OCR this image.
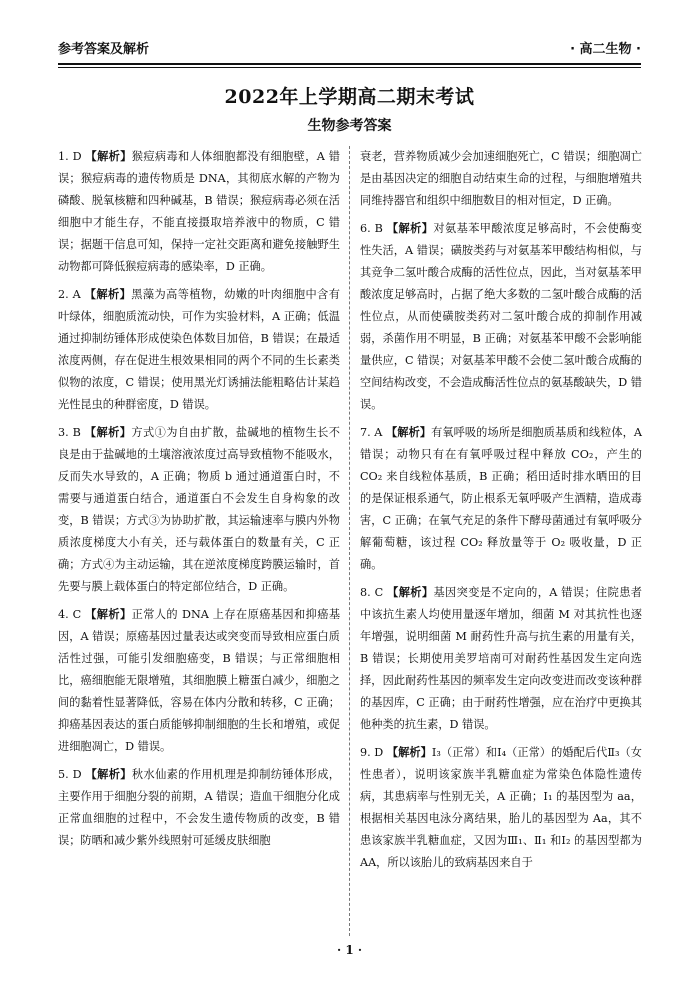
参考答案及解析	· 高二生物 ·
2022年上学期高二期末考试
生物参考答案
1. D 【解析】猴痘病毒和人体细胞都没有细胞壁，A 错误；猴痘病毒的遗传物质是 DNA，其彻底水解的产物为磷酸、脱氧核糖和四种碱基，B 错误；猴痘病毒必须在活细胞中才能生存，不能直接摄取培养液中的物质，C 错误；据题干信息可知，保持一定社交距离和避免接触野生动物都可降低猴痘病毒的感染率，D 正确。
2. A 【解析】黑藻为高等植物，幼嫩的叶肉细胞中含有叶绿体，细胞质流动快，可作为实验材料，A 正确；低温通过抑制纺锤体形成使染色体数目加倍，B 错误；在最适浓度两侧，存在促进生根效果相同的两个不同的生长素类似物的浓度，C 错误；使用黑光灯诱捕法能粗略估计某趋光性昆虫的种群密度，D 错误。
3. B 【解析】方式①为自由扩散，盐碱地的植物生长不良是由于盐碱地的土壤溶液浓度过高导致植物不能吸水，反而失水导致的，A 正确；物质 b 通过通道蛋白时，不需要与通道蛋白结合，通道蛋白不会发生自身构象的改变，B 错误；方式③为协助扩散，其运输速率与膜内外物质浓度梯度大小有关，还与载体蛋白的数量有关，C 正确；方式④为主动运输，其在逆浓度梯度跨膜运输时，首先要与膜上载体蛋白的特定部位结合，D 正确。
4. C 【解析】正常人的 DNA 上存在原癌基因和抑癌基因，A 错误；原癌基因过量表达或突变而导致相应蛋白质活性过强，可能引发细胞癌变，B 错误；与正常细胞相比，癌细胞能无限增殖，其细胞膜上糖蛋白减少，细胞之间的黏着性显著降低，容易在体内分散和转移，C 正确；抑癌基因表达的蛋白质能够抑制细胞的生长和增殖，或促进细胞凋亡，D 错误。
5. D 【解析】秋水仙素的作用机理是抑制纺锤体形成，主要作用于细胞分裂的前期，A 错误；造血干细胞分化成正常血细胞的过程中，不会发生遗传物质的改变，B 错误；防晒和减少紫外线照射可延缓皮肤细胞
衰老，营养物质减少会加速细胞死亡，C 错误；细胞凋亡是由基因决定的细胞自动结束生命的过程，与细胞增殖共同维持器官和组织中细胞数目的相对恒定，D 正确。
6. B 【解析】对氨基苯甲酸浓度足够高时，不会使酶变性失活，A 错误；磺胺类药与对氨基苯甲酸结构相似，与其竞争二氢叶酸合成酶的活性位点，因此，当对氨基苯甲酸浓度足够高时，占据了绝大多数的二氢叶酸合成酶的活性位点，从而使磺胺类药对二氢叶酸合成的抑制作用减弱，杀菌作用不明显，B 正确；对氨基苯甲酸不会影响能量供应，C 错误；对氨基苯甲酸不会使二氢叶酸合成酶的空间结构改变，不会造成酶活性位点的氨基酸缺失，D 错误。
7. A 【解析】有氧呼吸的场所是细胞质基质和线粒体，A 错误；动物只有在有氧呼吸过程中释放 CO₂，产生的 CO₂ 来自线粒体基质，B 正确；稻田适时排水晒田的目的是保证根系通气，防止根系无氧呼吸产生酒精，造成毒害，C 正确；在氧气充足的条件下酵母菌通过有氧呼吸分解葡萄糖，该过程 CO₂ 释放量等于 O₂ 吸收量，D 正确。
8. C 【解析】基因突变是不定向的，A 错误；住院患者中该抗生素人均使用量逐年增加，细菌 M 对其抗性也逐年增强，说明细菌 M 耐药性升高与抗生素的用量有关，B 错误；长期使用美罗培南可对耐药性基因发生定向选择，因此耐药性基因的频率发生定向改变进而改变该种群的基因库，C 正确；由于耐药性增强，应在治疗中更换其他种类的抗生素，D 错误。
9. D 【解析】Ⅰ₃（正常）和Ⅰ₄（正常）的婚配后代Ⅱ₃（女性患者），说明该家族半乳糖血症为常染色体隐性遗传病，其患病率与性别无关，A 正确；Ⅰ₁ 的基因型为 aa，根据相关基因电泳分离结果，胎儿的基因型为 Aa，其不患该家族半乳糖血症，又因为Ⅲ₁、Ⅱ₁ 和Ⅰ₂ 的基因型都为 AA，所以该胎儿的致病基因来自于
· 1 ·
